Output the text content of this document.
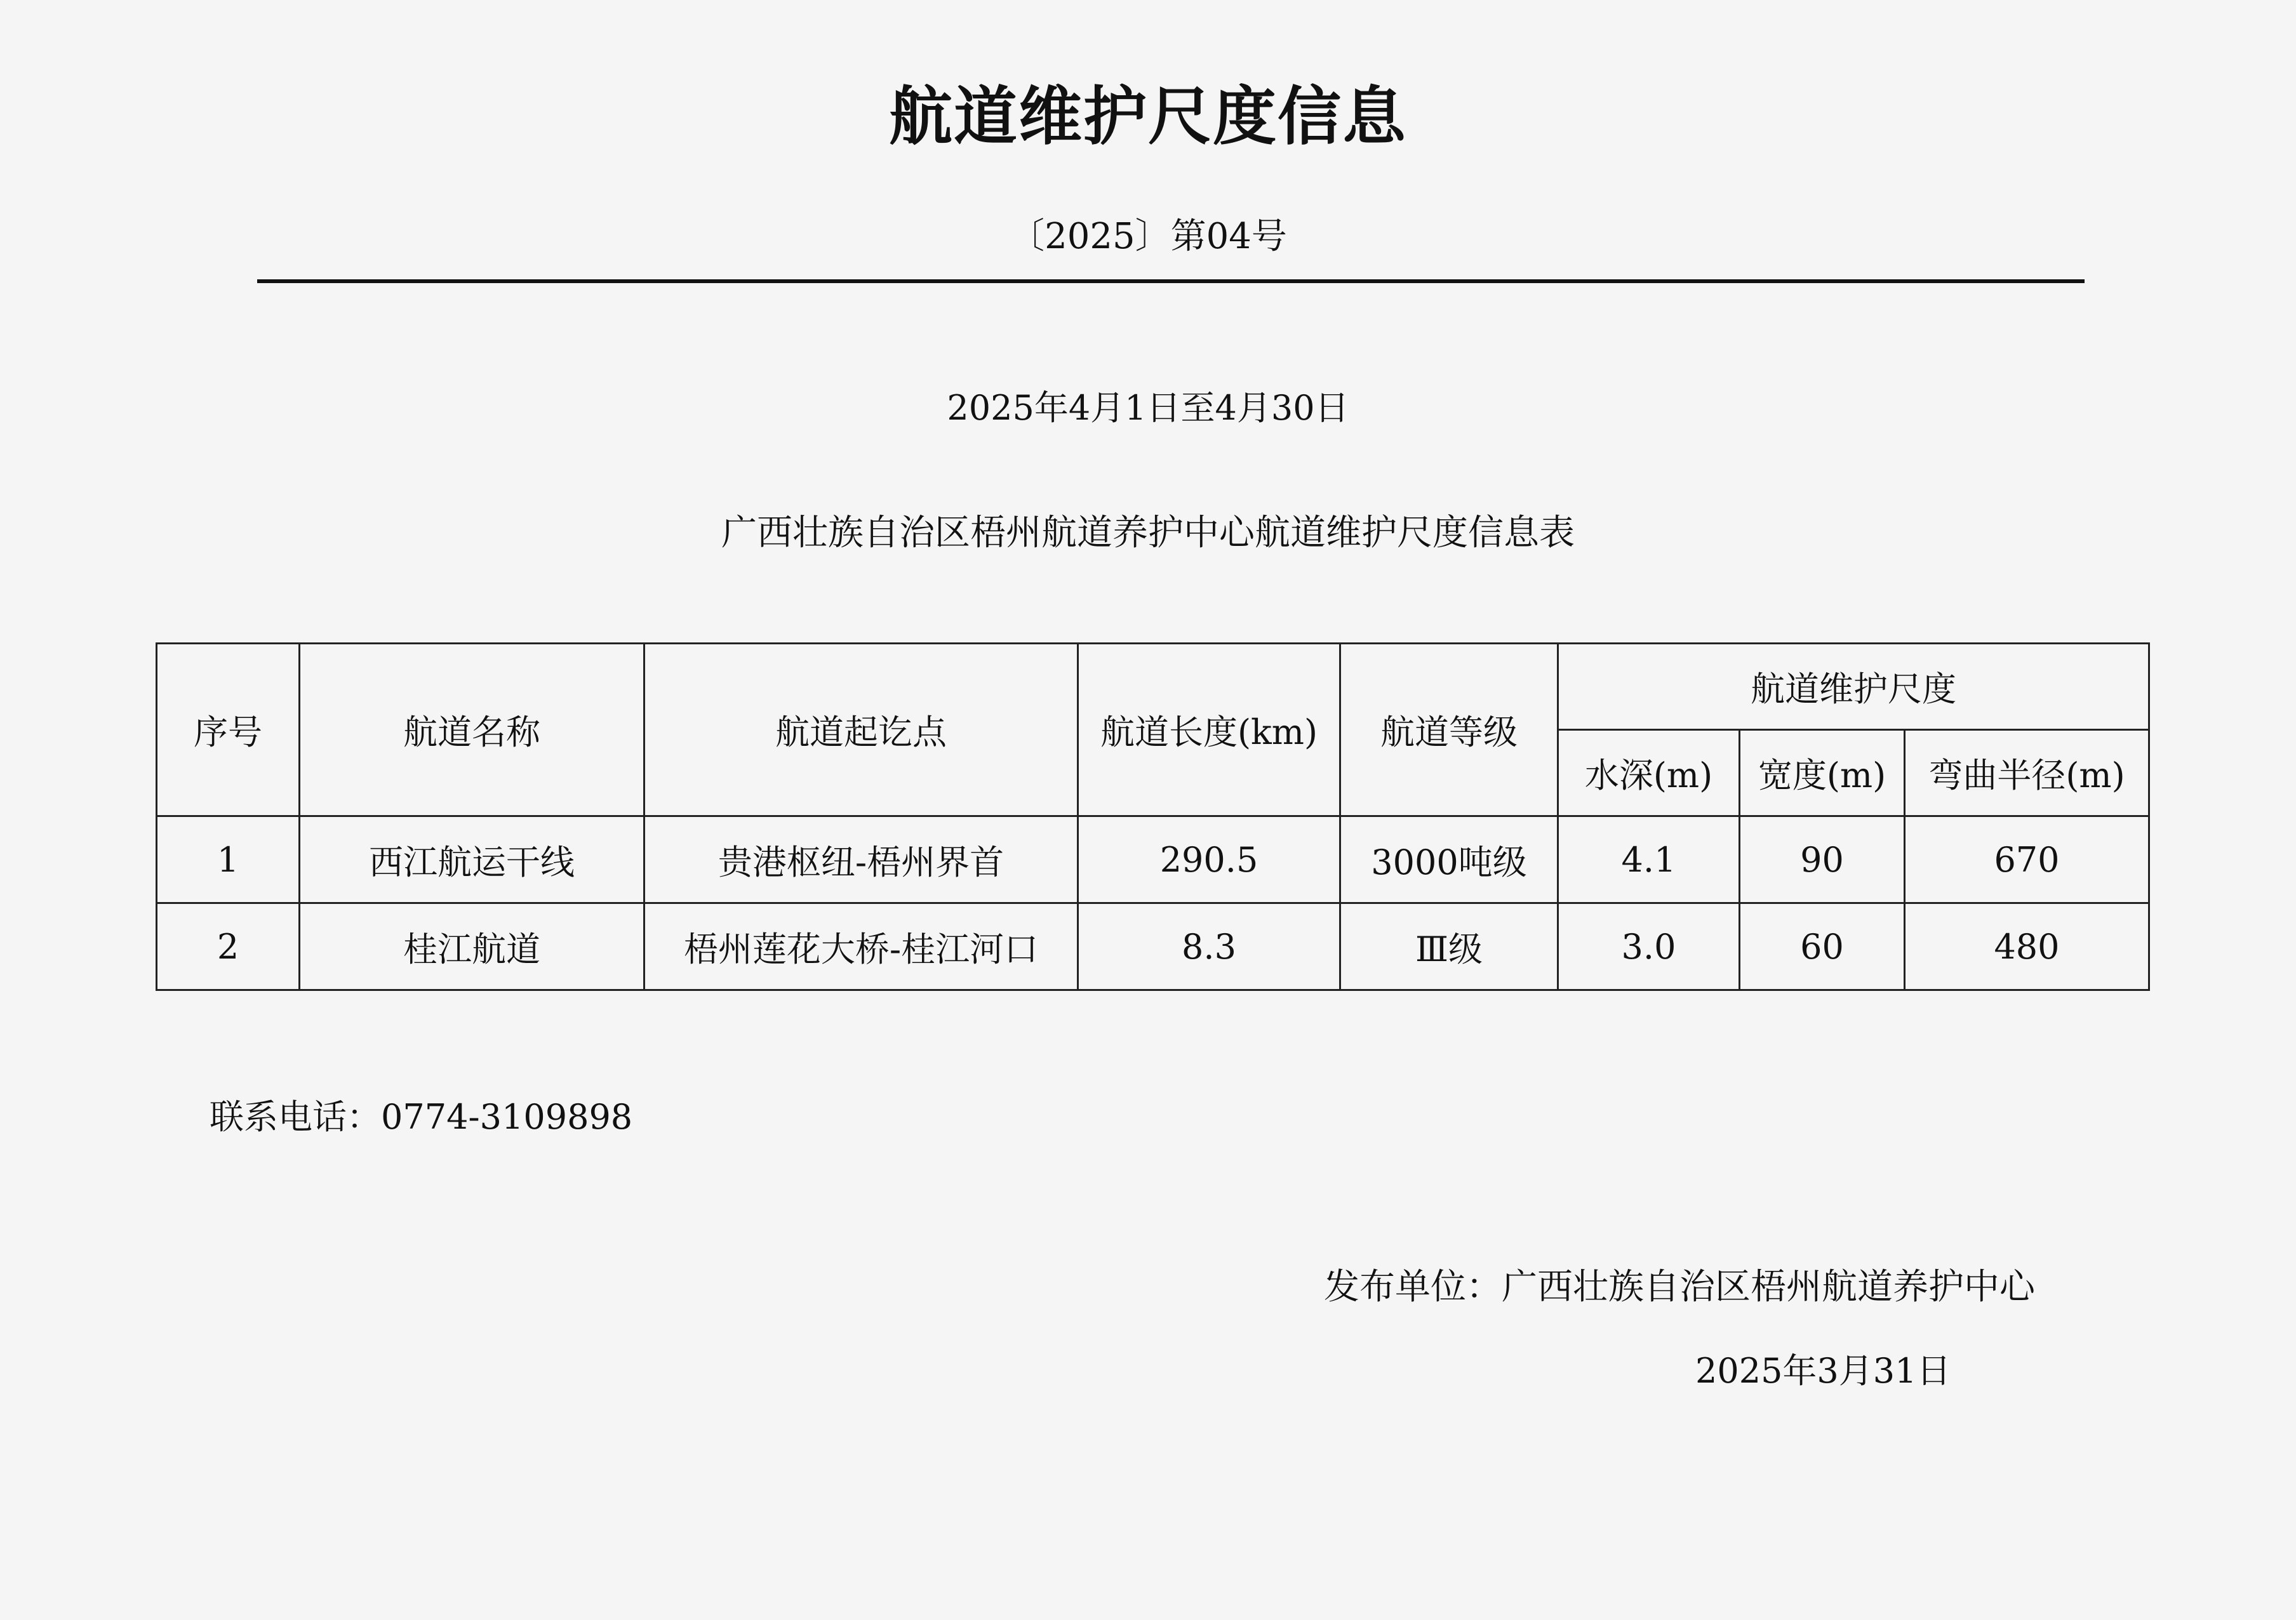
航道维护尺度信息
〔2025〕第04号
2025年4月1日至4月30日
广西壮族自治区梧州航道养护中心航道维护尺度信息表
序号	航道名称	航道起讫点	航道长度(km)	航道等级	航道维护尺度		
					水深(m)	宽度(m)	弯曲半径(m)
1	西江航运干线	贵港枢纽-梧州界首	290.5	3000吨级	4.1	90	670
2	桂江航道	梧州莲花大桥-桂江河口	8.3	Ⅲ级	3.0	60	480
联系电话：0774-3109898
发布单位：广西壮族自治区梧州航道养护中心
2025年3月31日
